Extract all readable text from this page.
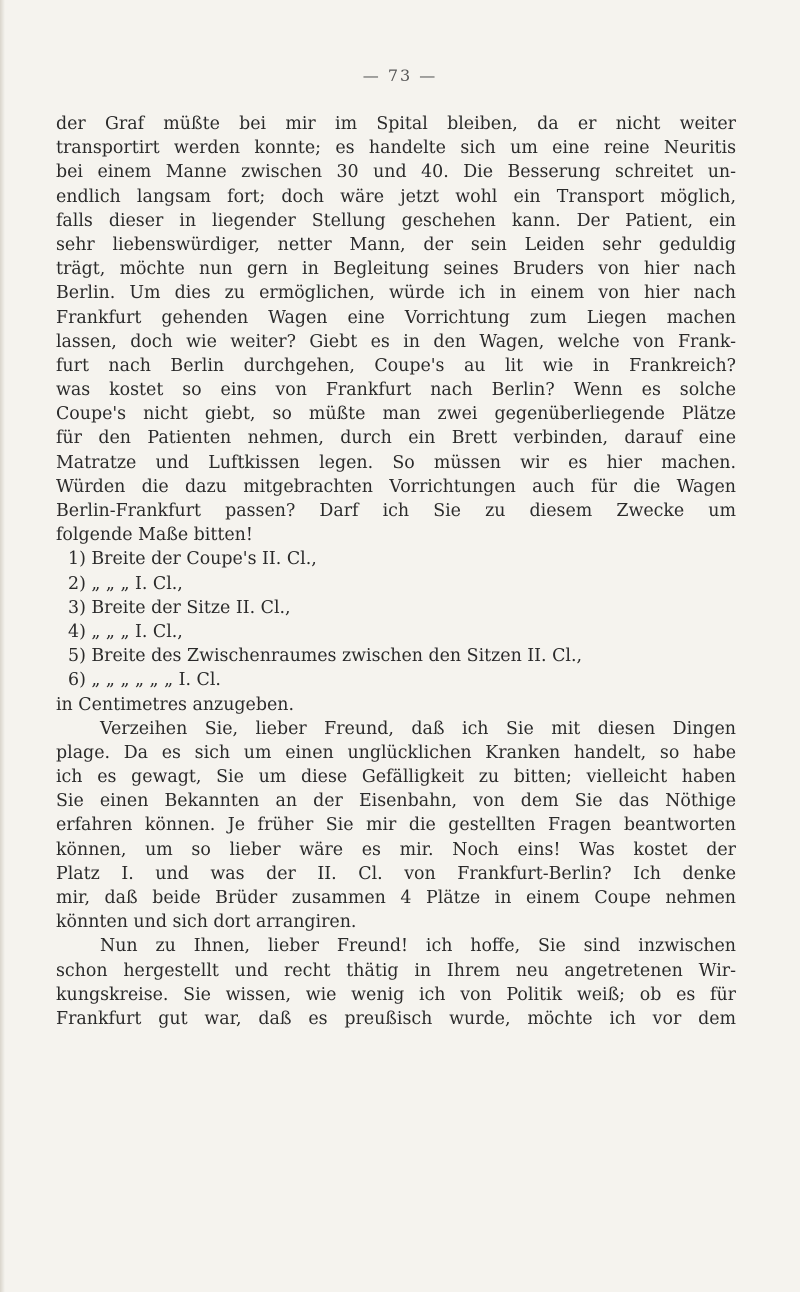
— 73 —
der Graf müßte bei mir im Spital bleiben, da er nicht weiter
transportirt werden konnte; es handelte sich um eine reine Neuritis
bei einem Manne zwischen 30 und 40. Die Besserung schreitet un-
endlich langsam fort; doch wäre jetzt wohl ein Transport möglich,
falls dieser in liegender Stellung geschehen kann. Der Patient, ein
sehr liebenswürdiger, netter Mann, der sein Leiden sehr geduldig
trägt, möchte nun gern in Begleitung seines Bruders von hier nach
Berlin. Um dies zu ermöglichen, würde ich in einem von hier nach
Frankfurt gehenden Wagen eine Vorrichtung zum Liegen machen
lassen, doch wie weiter? Giebt es in den Wagen, welche von Frank-
furt nach Berlin durchgehen, Coupe's au lit wie in Frankreich?
was kostet so eins von Frankfurt nach Berlin? Wenn es solche
Coupe's nicht giebt, so müßte man zwei gegenüberliegende Plätze
für den Patienten nehmen, durch ein Brett verbinden, darauf eine
Matratze und Luftkissen legen. So müssen wir es hier machen.
Würden die dazu mitgebrachten Vorrichtungen auch für die Wagen
Berlin-Frankfurt passen? Darf ich Sie zu diesem Zwecke um
folgende Maße bitten!
1) Breite der Coupe's II. Cl.,
2) „ „ „ I. Cl.,
3) Breite der Sitze II. Cl.,
4) „ „ „ I. Cl.,
5) Breite des Zwischenraumes zwischen den Sitzen II. Cl.,
6) „ „ „ „ „ „ I. Cl.
in Centimetres anzugeben.
Verzeihen Sie, lieber Freund, daß ich Sie mit diesen Dingen
plage. Da es sich um einen unglücklichen Kranken handelt, so habe
ich es gewagt, Sie um diese Gefälligkeit zu bitten; vielleicht haben
Sie einen Bekannten an der Eisenbahn, von dem Sie das Nöthige
erfahren können. Je früher Sie mir die gestellten Fragen beantworten
können, um so lieber wäre es mir. Noch eins! Was kostet der
Platz I. und was der II. Cl. von Frankfurt-Berlin? Ich denke
mir, daß beide Brüder zusammen 4 Plätze in einem Coupe nehmen
könnten und sich dort arrangiren.
Nun zu Ihnen, lieber Freund! ich hoffe, Sie sind inzwischen
schon hergestellt und recht thätig in Ihrem neu angetretenen Wir-
kungskreise. Sie wissen, wie wenig ich von Politik weiß; ob es für
Frankfurt gut war, daß es preußisch wurde, möchte ich vor dem
